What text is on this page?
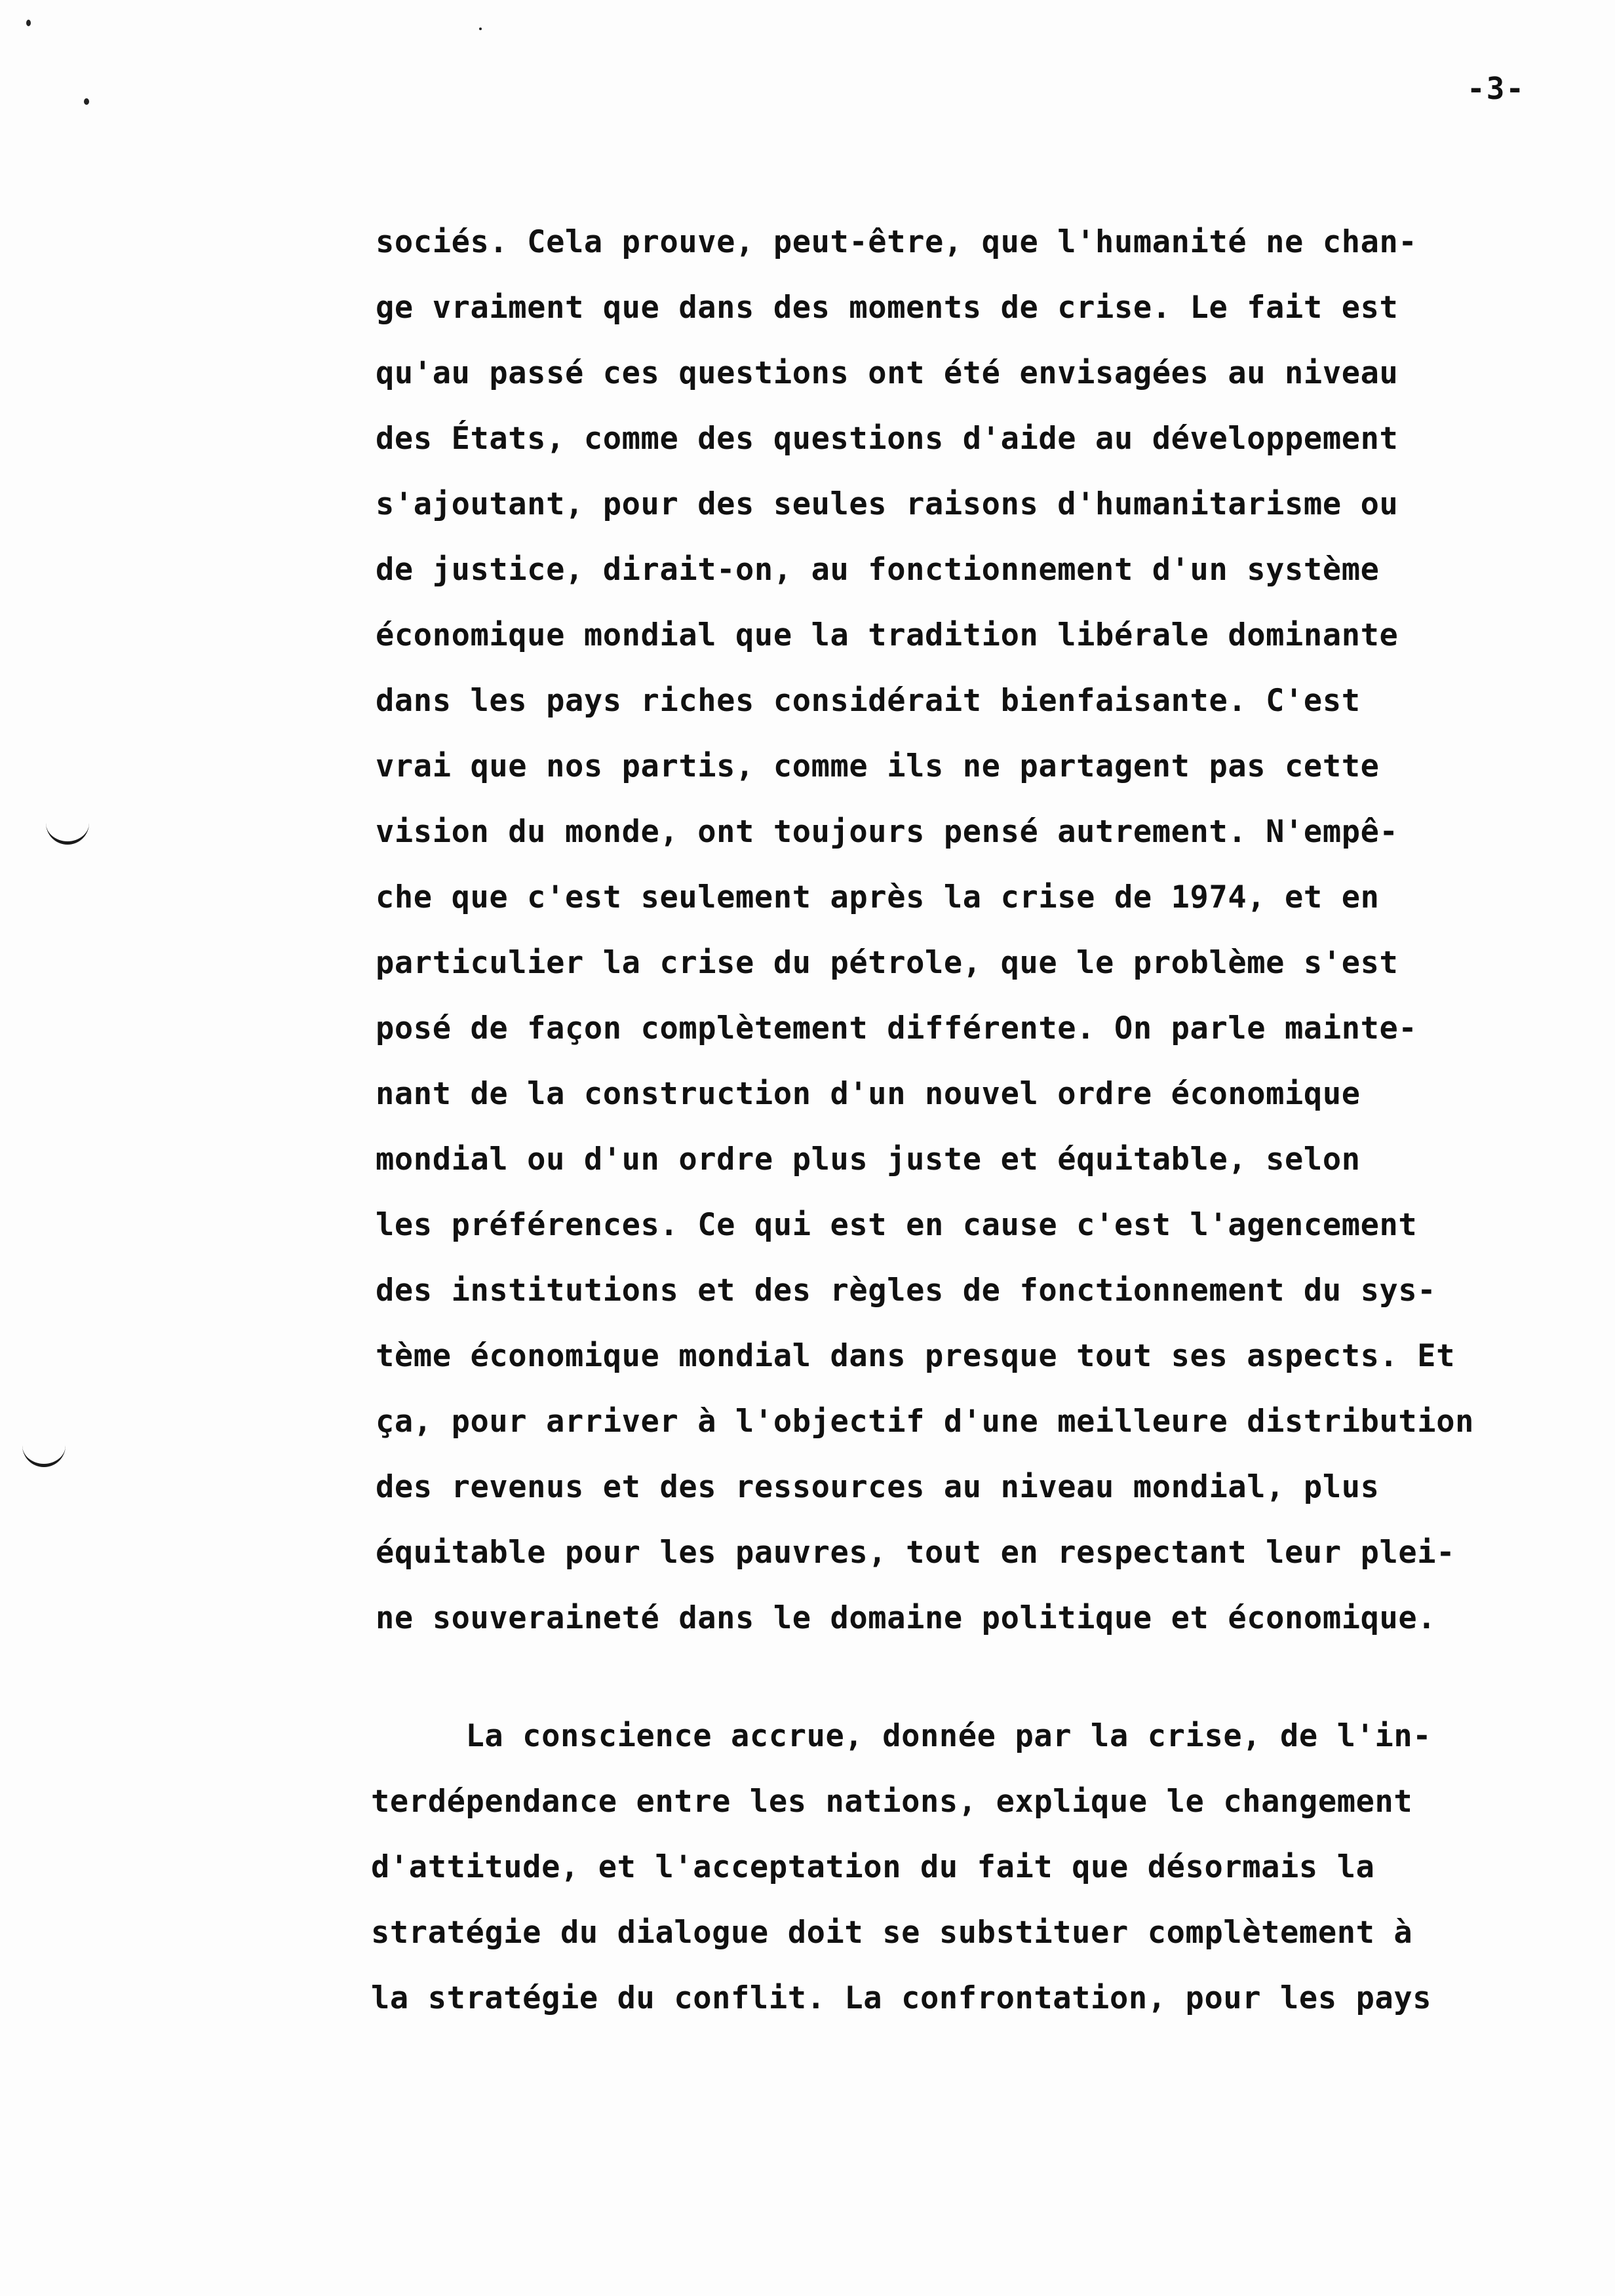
-3-
sociés. Cela prouve, peut-être, que l'humanité ne chan-
ge vraiment que dans des moments de crise. Le fait est
qu'au passé ces questions ont été envisagées au niveau
des États, comme des questions d'aide au développement
s'ajoutant, pour des seules raisons d'humanitarisme ou
de justice, dirait-on, au fonctionnement d'un système
économique mondial que la tradition libérale dominante
dans les pays riches considérait bienfaisante. C'est
vrai que nos partis, comme ils ne partagent pas cette
vision du monde, ont toujours pensé autrement. N'empê-
che que c'est seulement après la crise de 1974, et en
particulier la crise du pétrole, que le problème s'est
posé de façon complètement différente. On parle mainte-
nant de la construction d'un nouvel ordre économique
mondial ou d'un ordre plus juste et équitable, selon
les préférences. Ce qui est en cause c'est l'agencement
des institutions et des règles de fonctionnement du sys-
tème économique mondial dans presque tout ses aspects. Et
ça, pour arriver à l'objectif d'une meilleure distribution
des revenus et des ressources au niveau mondial, plus
équitable pour les pauvres, tout en respectant leur plei-
ne souveraineté dans le domaine politique et économique.
La conscience accrue, donnée par la crise, de l'in-
terdépendance entre les nations, explique le changement
d'attitude, et l'acceptation du fait que désormais la
stratégie du dialogue doit se substituer complètement à
la stratégie du conflit. La confrontation, pour les pays
